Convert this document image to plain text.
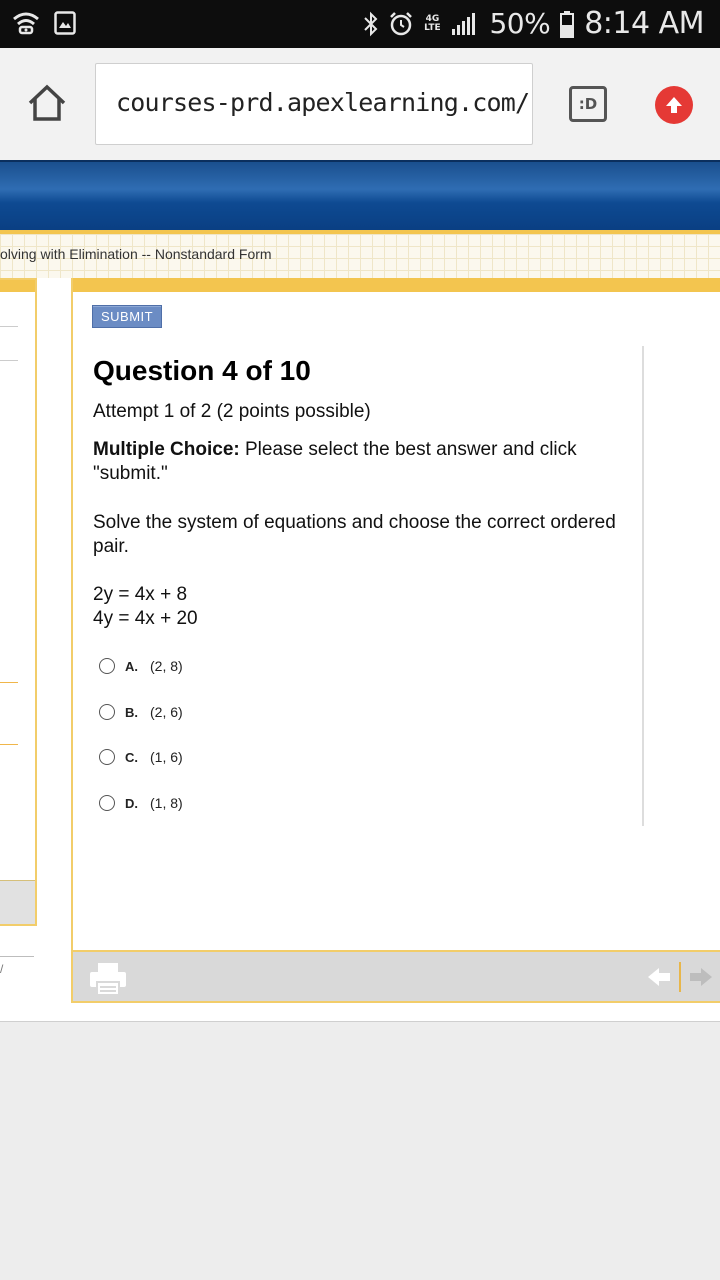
4G LTE 50% 8:14 AM
courses-prd.apexlearning.com/	:D
olving with Elimination -- Nonstandard Form
/
SUBMIT
Question 4 of 10
Attempt 1 of 2 (2 points possible)
Multiple Choice: Please select the best answer and click "submit."
Solve the system of equations and choose the correct ordered pair.
2y = 4x + 8
4y = 4x + 20
A. (2, 8)
B. (2, 6)
C. (1, 6)
D. (1, 8)
